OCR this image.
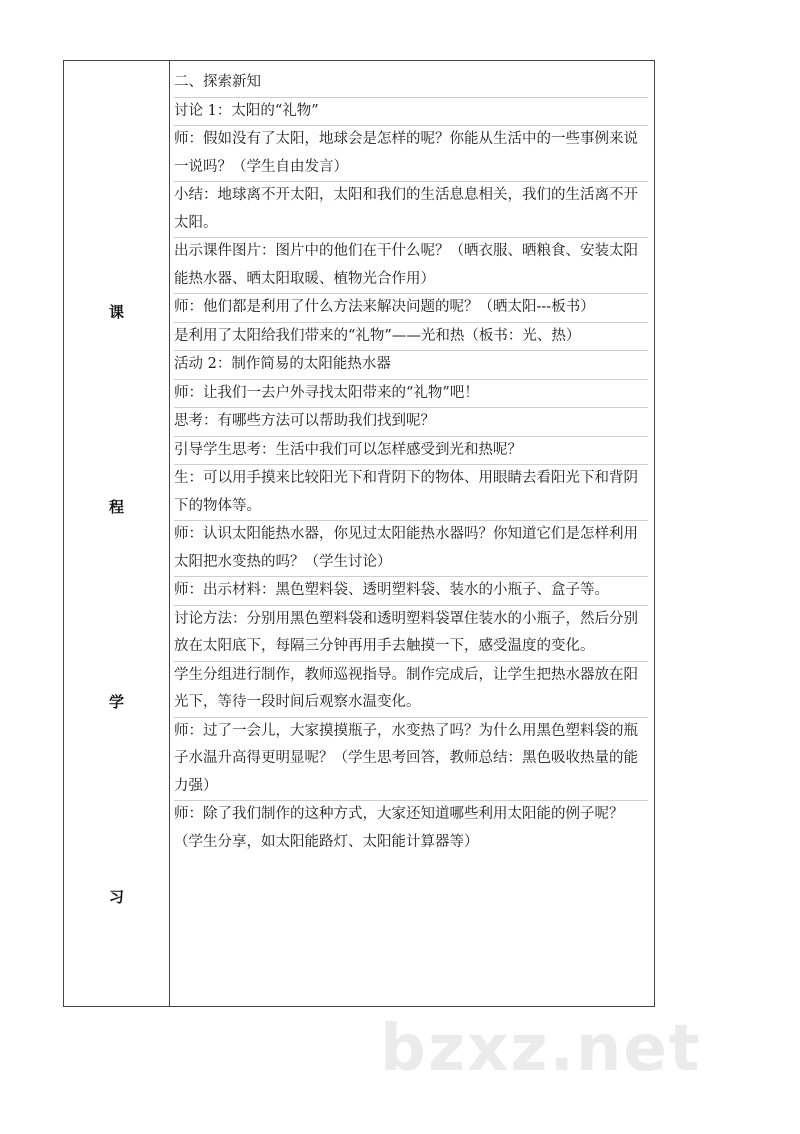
课
程
学
习

二、探索新知

讨论 1：太阳的“礼物”

师：假如没有了太阳，地球会是怎样的呢？你能从生活中的一些事例来说一说吗？（学生自由发言）

小结：地球离不开太阳，太阳和我们的生活息息相关，我们的生活离不开太阳。

出示课件图片：图片中的他们在干什么呢？（晒衣服、晒粮食、安装太阳能热水器、晒太阳取暖、植物光合作用）

师：他们都是利用了什么方法来解决问题的呢？（晒太阳---板书）

是利用了太阳给我们带来的“礼物”——光和热（板书：光、热）

活动 2：制作简易的太阳能热水器

师：让我们一去户外寻找太阳带来的“礼物”吧！

思考：有哪些方法可以帮助我们找到呢？

引导学生思考：生活中我们可以怎样感受到光和热呢？

生：可以用手摸来比较阳光下和背阴下的物体、用眼睛去看阳光下和背阴下的物体等。

师：认识太阳能热水器，你见过太阳能热水器吗？你知道它们是怎样利用太阳把水变热的吗？（学生讨论）

师：出示材料：黑色塑料袋、透明塑料袋、装水的小瓶子、盒子等。

讨论方法：分别用黑色塑料袋和透明塑料袋罩住装水的小瓶子，然后分别放在太阳底下，每隔三分钟再用手去触摸一下，感受温度的变化。

学生分组进行制作，教师巡视指导。制作完成后，让学生把热水器放在阳光下，等待一段时间后观察水温变化。

师：过了一会儿，大家摸摸瓶子，水变热了吗？为什么用黑色塑料袋的瓶子水温升高得更明显呢？（学生思考回答，教师总结：黑色吸收热量的能力强）

师：除了我们制作的这种方式，大家还知道哪些利用太阳能的例子呢？（学生分享，如太阳能路灯、太阳能计算器等）

bzxz.net
